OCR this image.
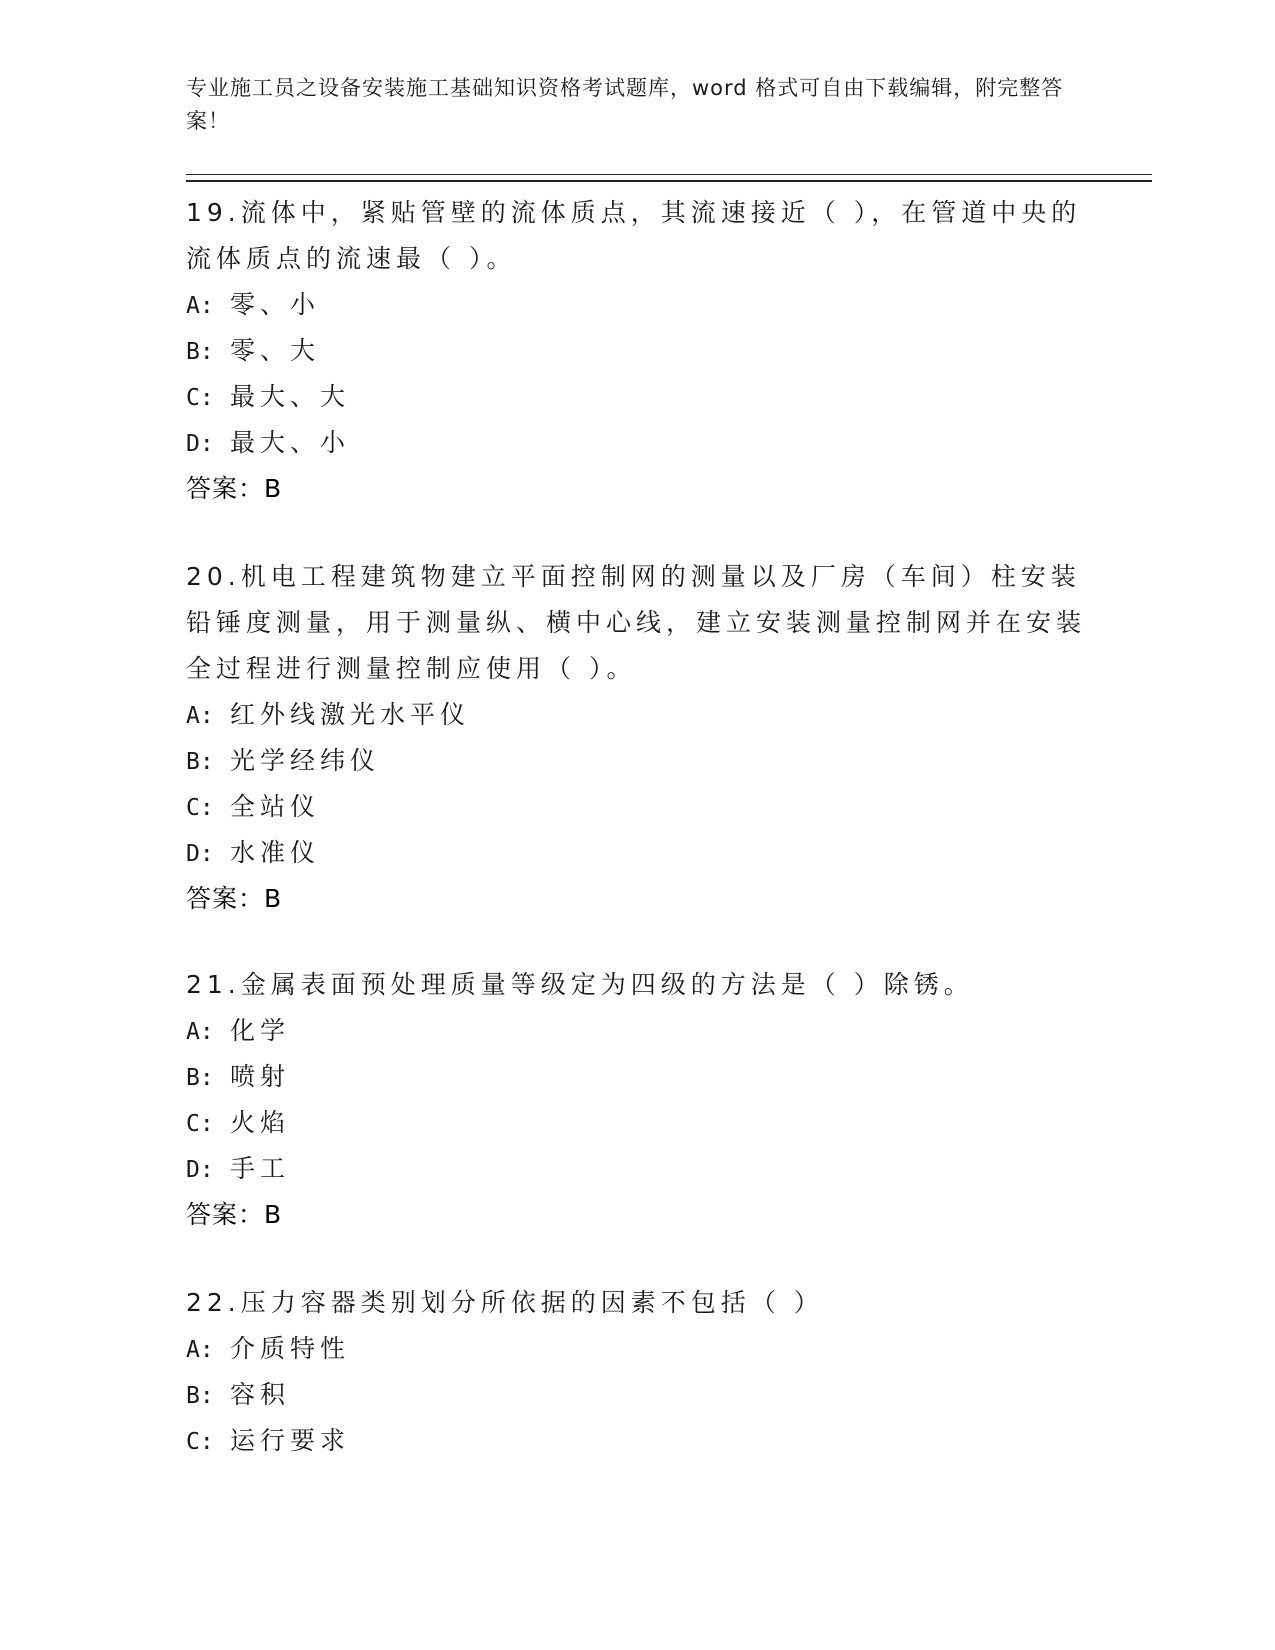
专业施工员之设备安装施工基础知识资格考试题库，word 格式可自由下载编辑，附完整答案！

19.流体中，紧贴管壁的流体质点，其流速接近（ ），在管道中央的流体质点的流速最（ ）。

A: 零、小
B: 零、大
C: 最大、大
D: 最大、小
答案：B

20.机电工程建筑物建立平面控制网的测量以及厂房（车间）柱安装铅锤度测量，用于测量纵、横中心线，建立安装测量控制网并在安装全过程进行测量控制应使用（ ）。

A: 红外线激光水平仪
B: 光学经纬仪
C: 全站仪
D: 水准仪
答案：B

21.金属表面预处理质量等级定为四级的方法是（ ）除锈。

A: 化学
B: 喷射
C: 火焰
D: 手工
答案：B

22.压力容器类别划分所依据的因素不包括（ ）

A: 介质特性
B: 容积
C: 运行要求
